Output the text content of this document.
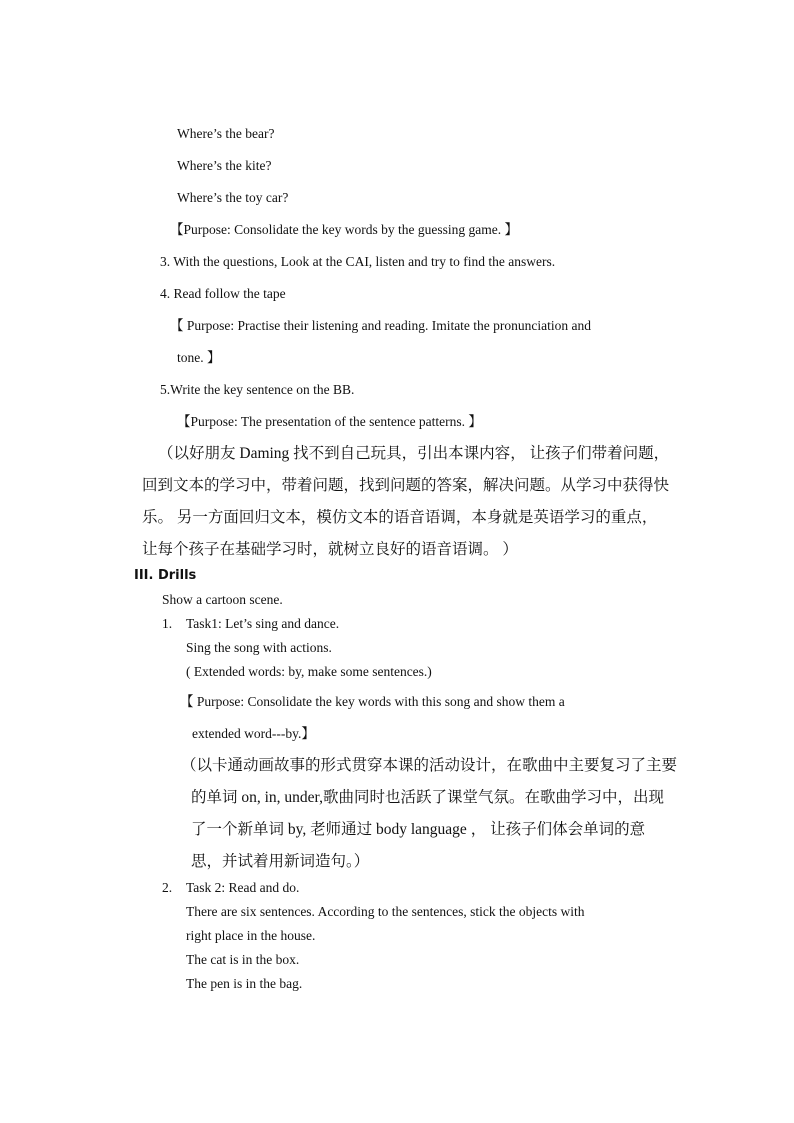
Where’s the bear?
Where’s the kite?
Where’s the toy car?
【Purpose: Consolidate the key words by the guessing game. 】
3. With the questions, Look at the CAI, listen and try to find the answers.
4. Read follow the tape
【 Purpose: Practise their listening and reading. Imitate the pronunciation and
tone. 】
5.Write the key sentence on the BB.
【Purpose: The presentation of the sentence patterns. 】
（以好朋友 Daming 找不到自己玩具，引出本课内容， 让孩子们带着问题，
回到文本的学习中，带着问题，找到问题的答案，解决问题。从学习中获得快
乐。 另一方面回归文本，模仿文本的语音语调，本身就是英语学习的重点，
让每个孩子在基础学习时，就树立良好的语音语调。 ）
III. Drills
Show a cartoon scene.
1. Task1: Let’s sing and dance.
Sing the song with actions.
( Extended words: by, make some sentences.)
【 Purpose: Consolidate the key words with this song and show them a
extended word---by.】
（以卡通动画故事的形式贯穿本课的活动设计，在歌曲中主要复习了主要
的单词 on, in, under,歌曲同时也活跃了课堂气氛。在歌曲学习中，出现
了一个新单词 by, 老师通过 body language ， 让孩子们体会单词的意
思，并试着用新词造句。）
2. Task 2: Read and do.
There are six sentences. According to the sentences, stick the objects with
right place in the house.
The cat is in the box.
The pen is in the bag.
